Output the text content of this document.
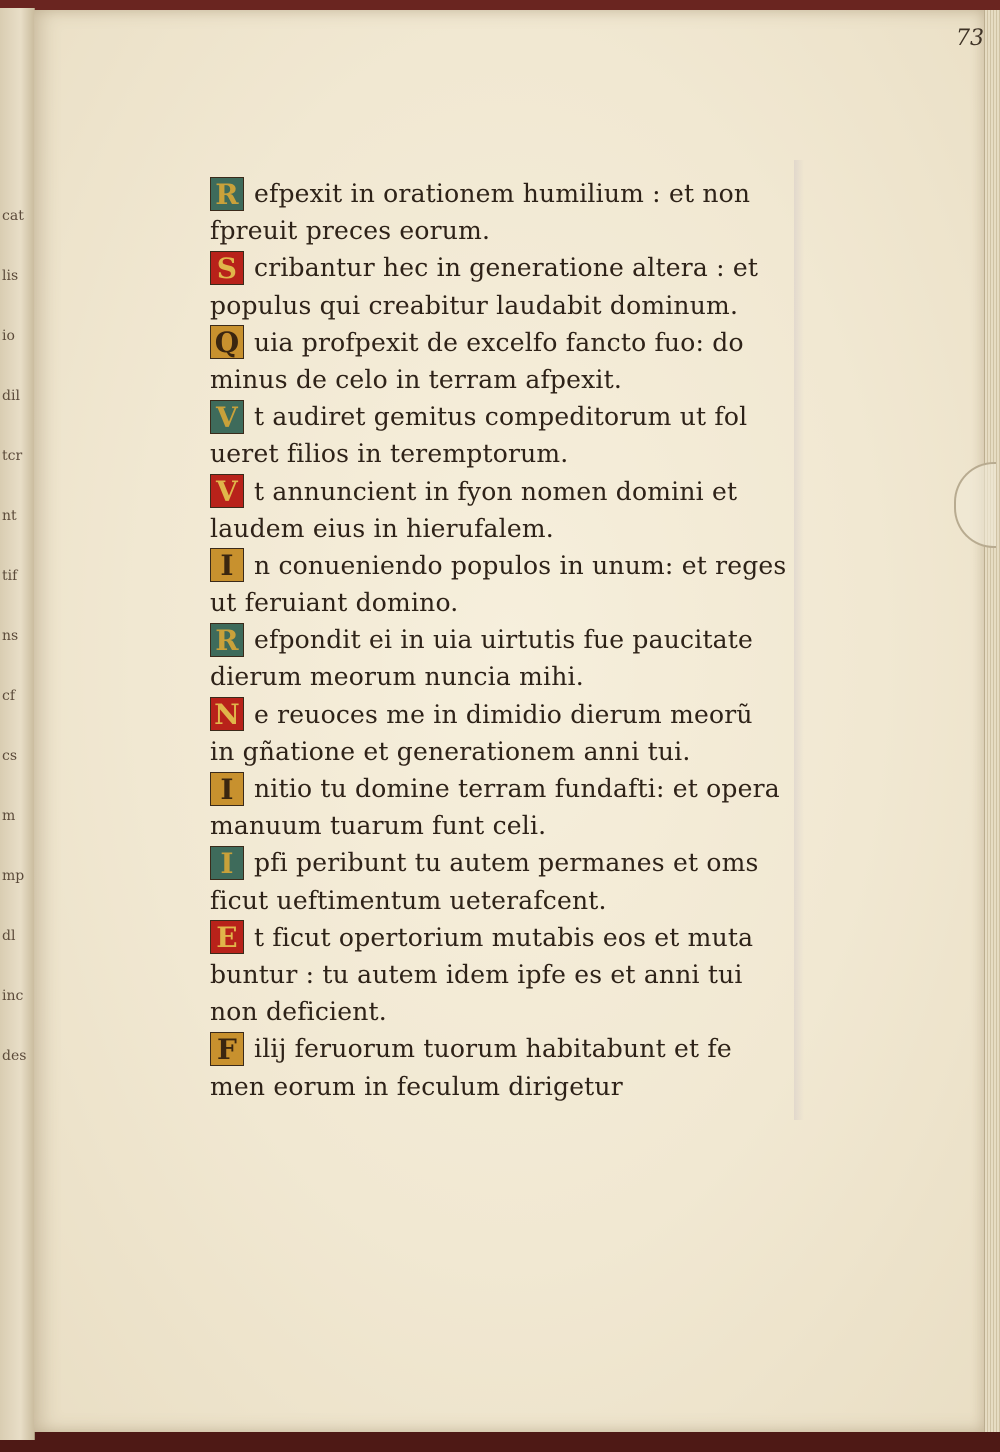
cat
lis
io
dil
tcr
nt
tif
ns
cf
cs
m
mp
dl
inc
des
73
R efpexit in orationem humilium : et non
fpreuit preces eorum.
S cribantur hec in generatione altera : et
populus qui creabitur laudabit dominum.
Q uia profpexit de excelfo fancto fuo: do
minus de celo in terram afpexit.
V t audiret gemitus compeditorum ut fol
ueret filios in teremptorum.
V t annuncient in fyon nomen domini et
laudem eius in hierufalem.
I n conueniendo populos in unum: et reges
ut feruiant domino.
R efpondit ei in uia uirtutis fue paucitate
dierum meorum nuncia mihi.
N e reuoces me in dimidio dierum meorũ
in gñatione et generationem anni tui.
I nitio tu domine terram fundafti: et opera
manuum tuarum funt celi.
I pfi peribunt tu autem permanes et oms
ficut ueftimentum ueterafcent.
E t ficut opertorium mutabis eos et muta
buntur : tu autem idem ipfe es et anni tui
non deficient.
F ilij feruorum tuorum habitabunt et fe
men eorum in feculum dirigetur
